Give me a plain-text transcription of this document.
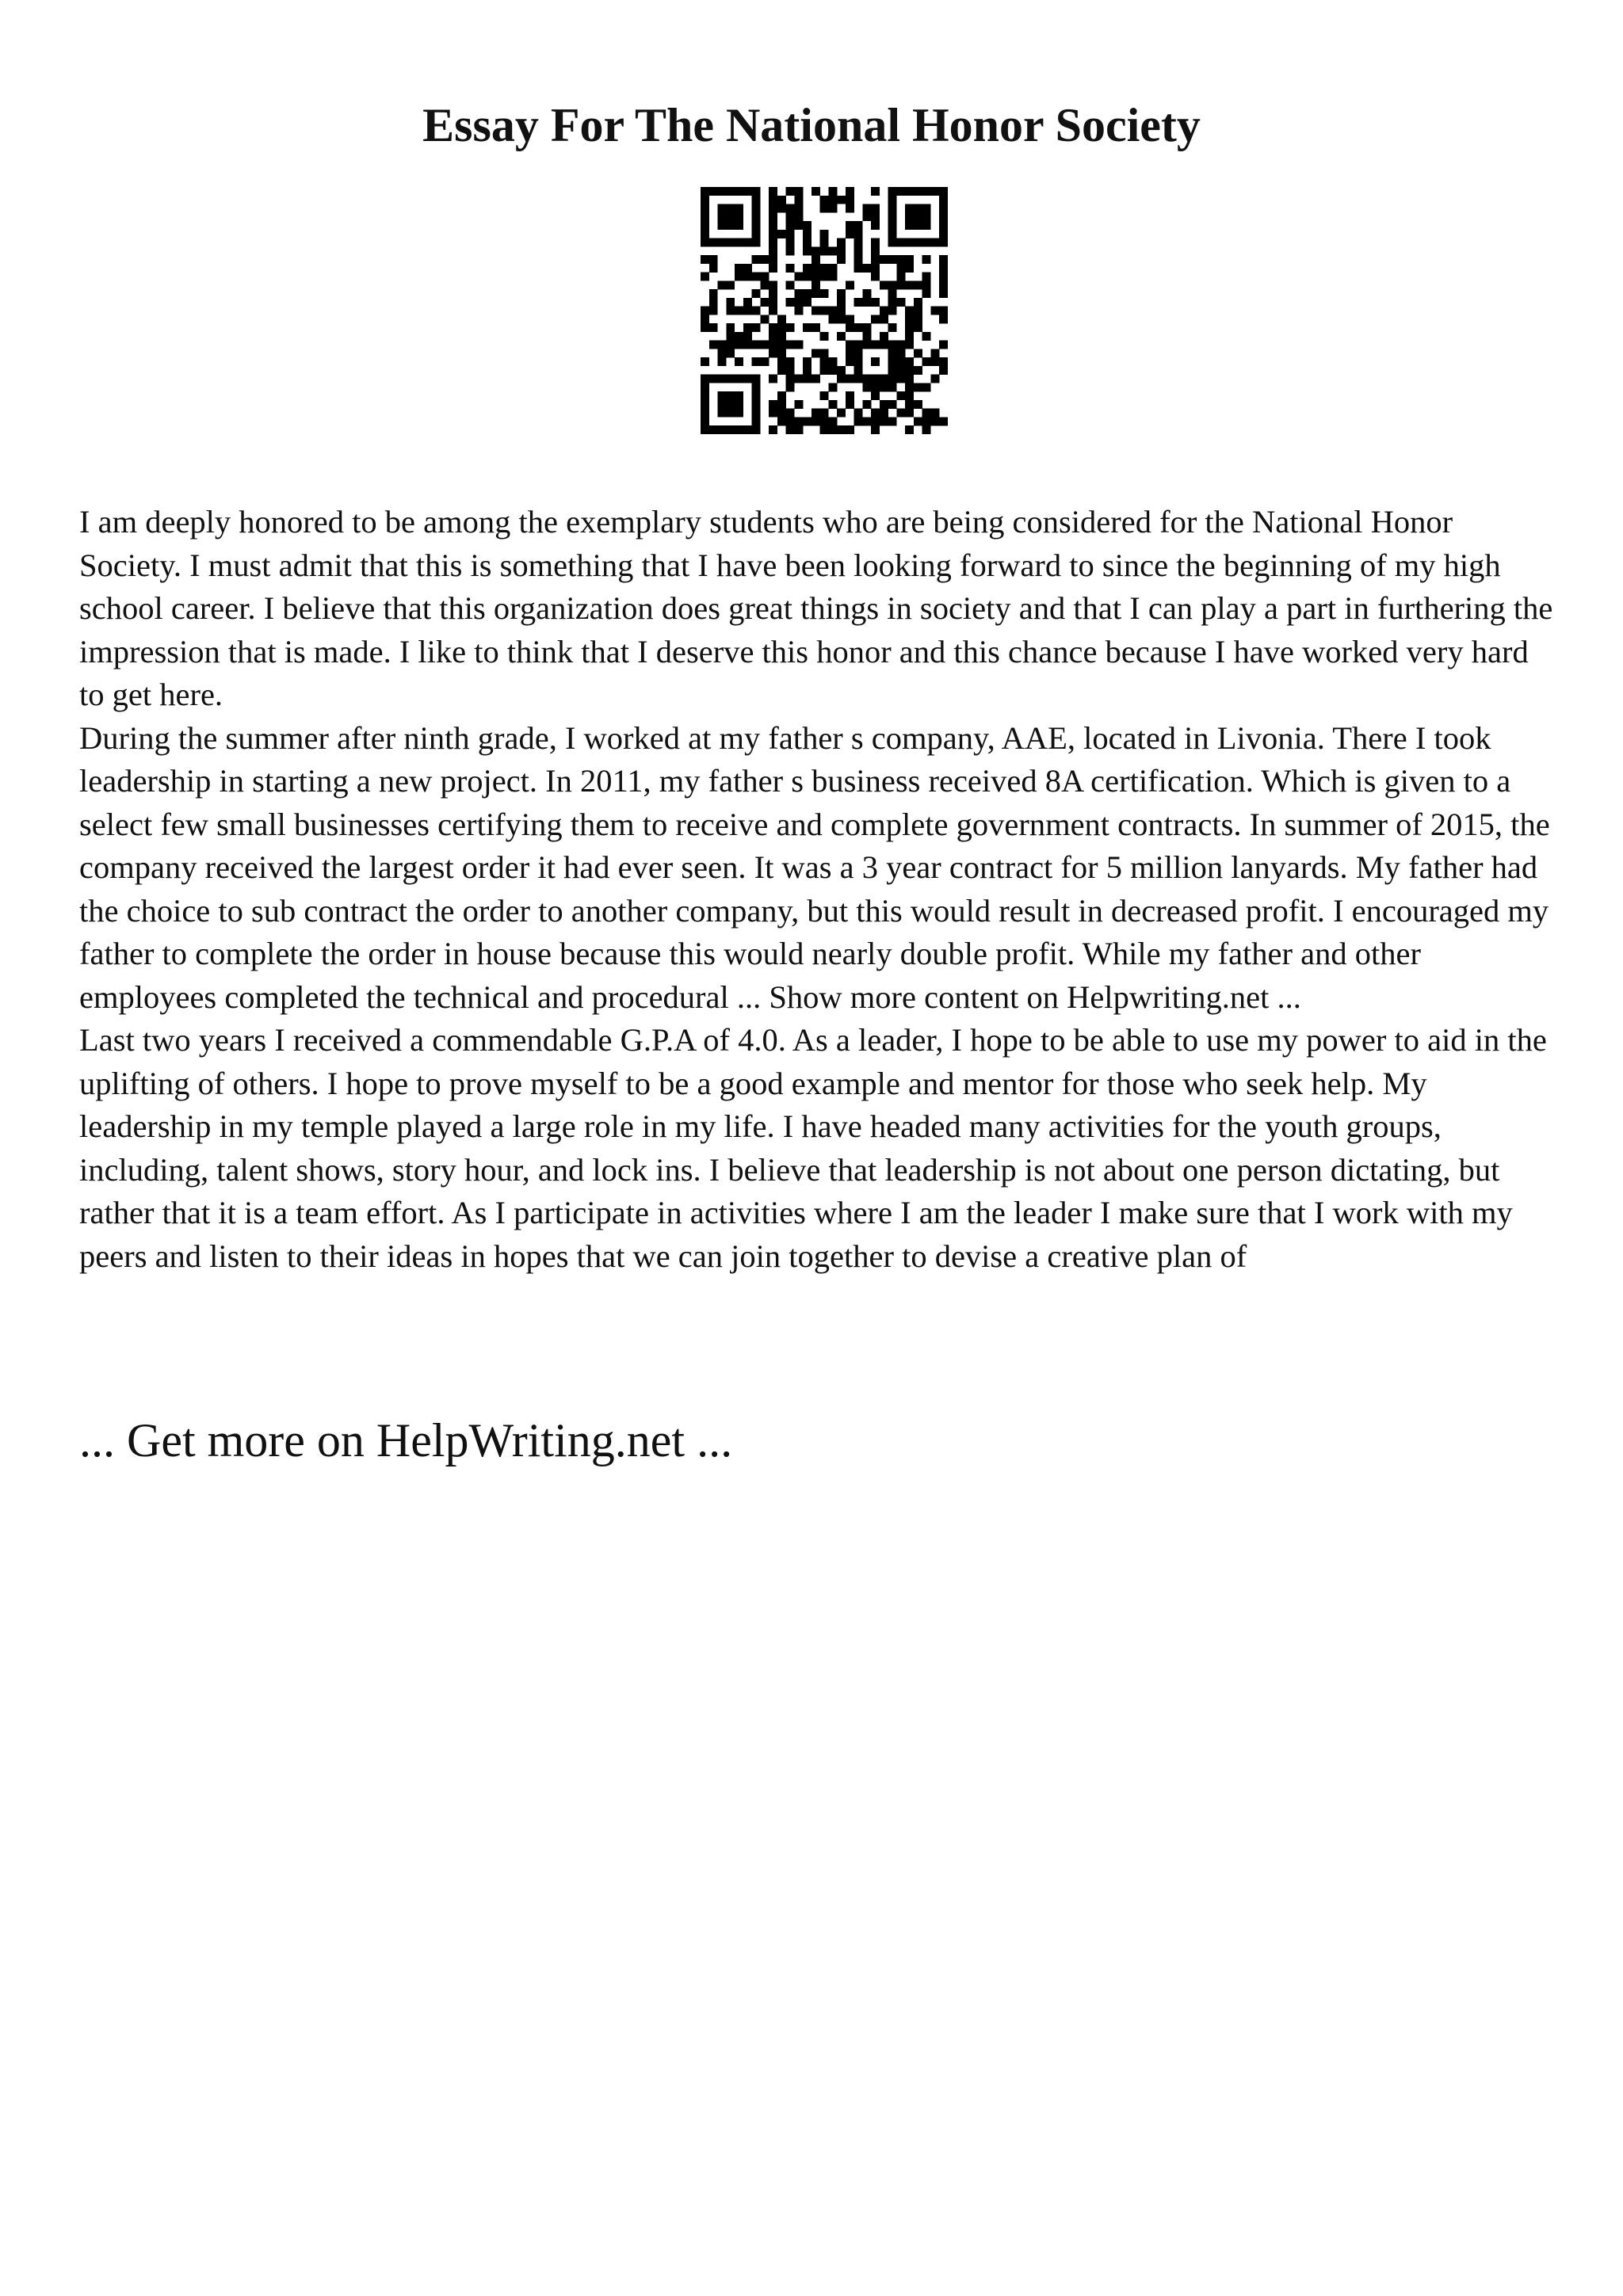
Essay For The National Honor Society

I am deeply honored to be among the exemplary students who are being considered for the National Honor Society. I must admit that this is something that I have been looking forward to since the beginning of my high school career. I believe that this organization does great things in society and that I can play a part in furthering the impression that is made. I like to think that I deserve this honor and this chance because I have worked very hard to get here.

During the summer after ninth grade, I worked at my father s company, AAE, located in Livonia. There I took leadership in starting a new project. In 2011, my father s business received 8A certification. Which is given to a select few small businesses certifying them to receive and complete government contracts. In summer of 2015, the company received the largest order it had ever seen. It was a 3 year contract for 5 million lanyards. My father had the choice to sub contract the order to another company, but this would result in decreased profit. I encouraged my father to complete the order in house because this would nearly double profit. While my father and other employees completed the technical and procedural ... Show more content on Helpwriting.net ...

Last two years I received a commendable G.P.A of 4.0. As a leader, I hope to be able to use my power to aid in the uplifting of others. I hope to prove myself to be a good example and mentor for those who seek help. My leadership in my temple played a large role in my life. I have headed many activities for the youth groups, including, talent shows, story hour, and lock ins. I believe that leadership is not about one person dictating, but rather that it is a team effort. As I participate in activities where I am the leader I make sure that I work with my peers and listen to their ideas in hopes that we can join together to devise a creative plan of

... Get more on HelpWriting.net ...
